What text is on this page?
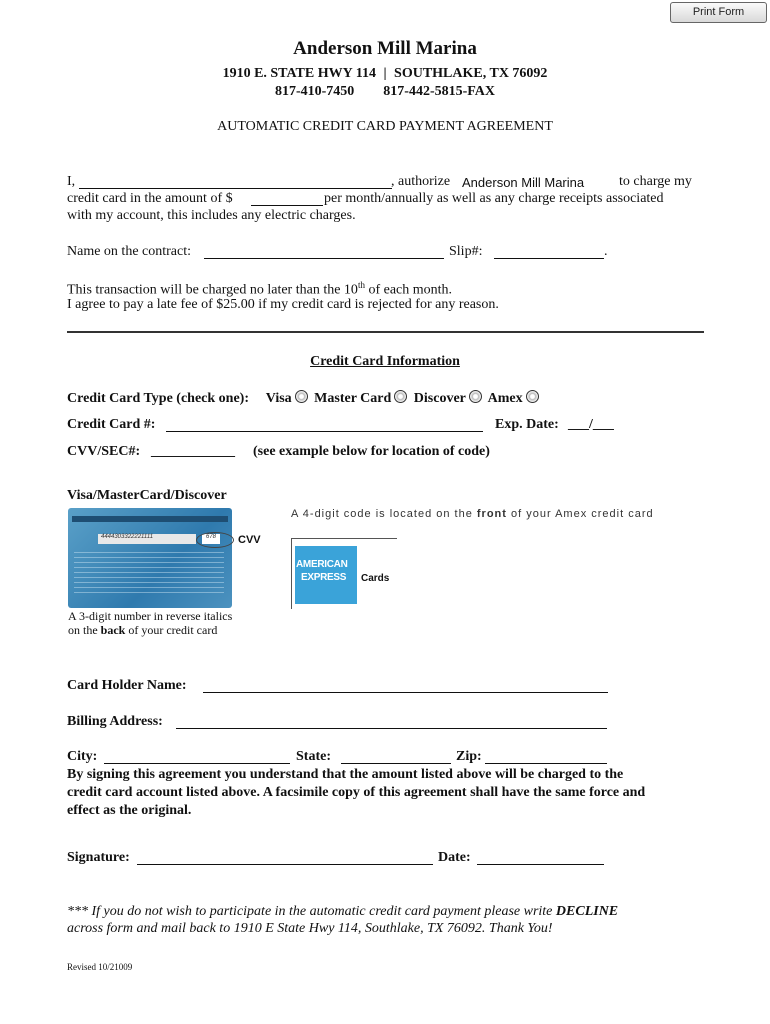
Print Form
Anderson Mill Marina
1910 E. STATE HWY 114 | SOUTHLAKE, TX 76092
817-410-7450 817-442-5815-FAX
AUTOMATIC CREDIT CARD PAYMENT AGREEMENT
I,	, authorize Anderson Mill Marina to charge my
credit card in the amount of $	per month/annually as well as any charge receipts associated
with my account, this includes any electric charges.
Name on the contract:	Slip#:	.
This transaction will be charged no later than the 10th of each month.
I agree to pay a late fee of $25.00 if my credit card is rejected for any reason.
Credit Card Information
Credit Card Type (check one): Visa Master Card Discover Amex
Credit Card #:	Exp. Date: ___/___
CVV/SEC#: ____________ (see example below for location of code)
Visa/MasterCard/Discover
4444303322221111	678	CVV
A 3-digit number in reverse italics
on the back of your credit card
A 4-digit code is located on the front of your Amex credit card
AMERICAN
EXPRESS Cards
Card Holder Name:
Billing Address:
City:	State:	Zip:
By signing this agreement you understand that the amount listed above will be charged to the
credit card account listed above. A facsimile copy of this agreement shall have the same force and
effect as the original.
Signature:	Date:
*** If you do not wish to participate in the automatic credit card payment please write DECLINE
across form and mail back to 1910 E State Hwy 114, Southlake, TX 76092. Thank You!
Revised 10/21009
